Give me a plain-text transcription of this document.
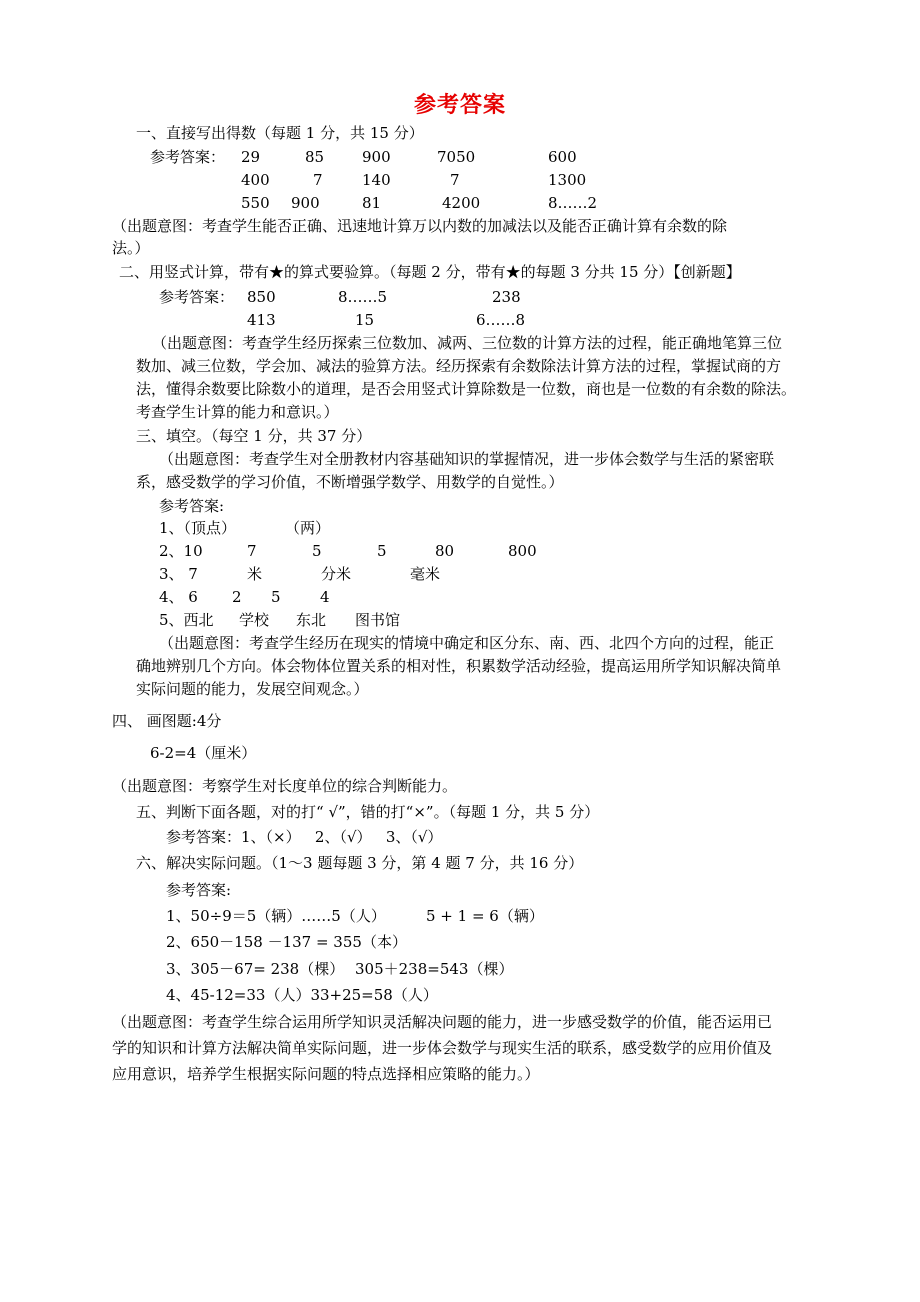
参考答案
一、直接写出得数（每题 1 分，共 15 分）
参考答案： 29	85	900	7050	600
400	7	140	7	1300
550 900	81	4200	8……2
（出题意图：考查学生能否正确、迅速地计算万以内数的加减法以及能否正确计算有余数的除
法。）
二、用竖式计算，带有★的算式要验算。（每题 2 分，带有★的每题 3 分共 15 分）【创新题】
参考答案： 850	8……5	238
413	15	6……8
（出题意图：考查学生经历探索三位数加、减两、三位数的计算方法的过程，能正确地笔算三位
数加、减三位数，学会加、减法的验算方法。经历探索有余数除法计算方法的过程，掌握试商的方
法，懂得余数要比除数小的道理，是否会用竖式计算除数是一位数，商也是一位数的有余数的除法。
考查学生计算的能力和意识。）
三、填空。（每空 1 分，共 37 分）
（出题意图：考查学生对全册教材内容基础知识的掌握情况，进一步体会数学与生活的紧密联
系，感受数学的学习价值，不断增强学数学、用数学的自觉性。）
参考答案:
1、（顶点）	（两）
2、10	7	5	5	80	800
3、 7	米	分米	毫米
4、 6 2 5	4
5、西北 学校 东北 图书馆
（出题意图：考查学生经历在现实的情境中确定和区分东、南、西、北四个方向的过程，能正
确地辨别几个方向。体会物体位置关系的相对性，积累数学活动经验，提高运用所学知识解决简单
实际问题的能力，发展空间观念。）
四、 画图题:4分
6-2=4（厘米）
（出题意图：考察学生对长度单位的综合判断能力。
五、判断下面各题，对的打“ √”，错的打“×”。（每题 1 分，共 5 分）
参考答案：1、（×）   2、（√）   3、（√）
六、解决实际问题。（1～3 题每题 3 分，第 4 题 7 分，共 16 分）
参考答案:
1、50÷9＝5（辆）……5（人）	5 + 1 = 6（辆）
2、650－158 －137 = 355（本）
3、305－67= 238（棵） 305＋238=543（棵）
4、45-12=33（人）33+25=58（人）
（出题意图：考查学生综合运用所学知识灵活解决问题的能力，进一步感受数学的价值，能否运用已
学的知识和计算方法解决简单实际问题，进一步体会数学与现实生活的联系，感受数学的应用价值及
应用意识，培养学生根据实际问题的特点选择相应策略的能力。）
